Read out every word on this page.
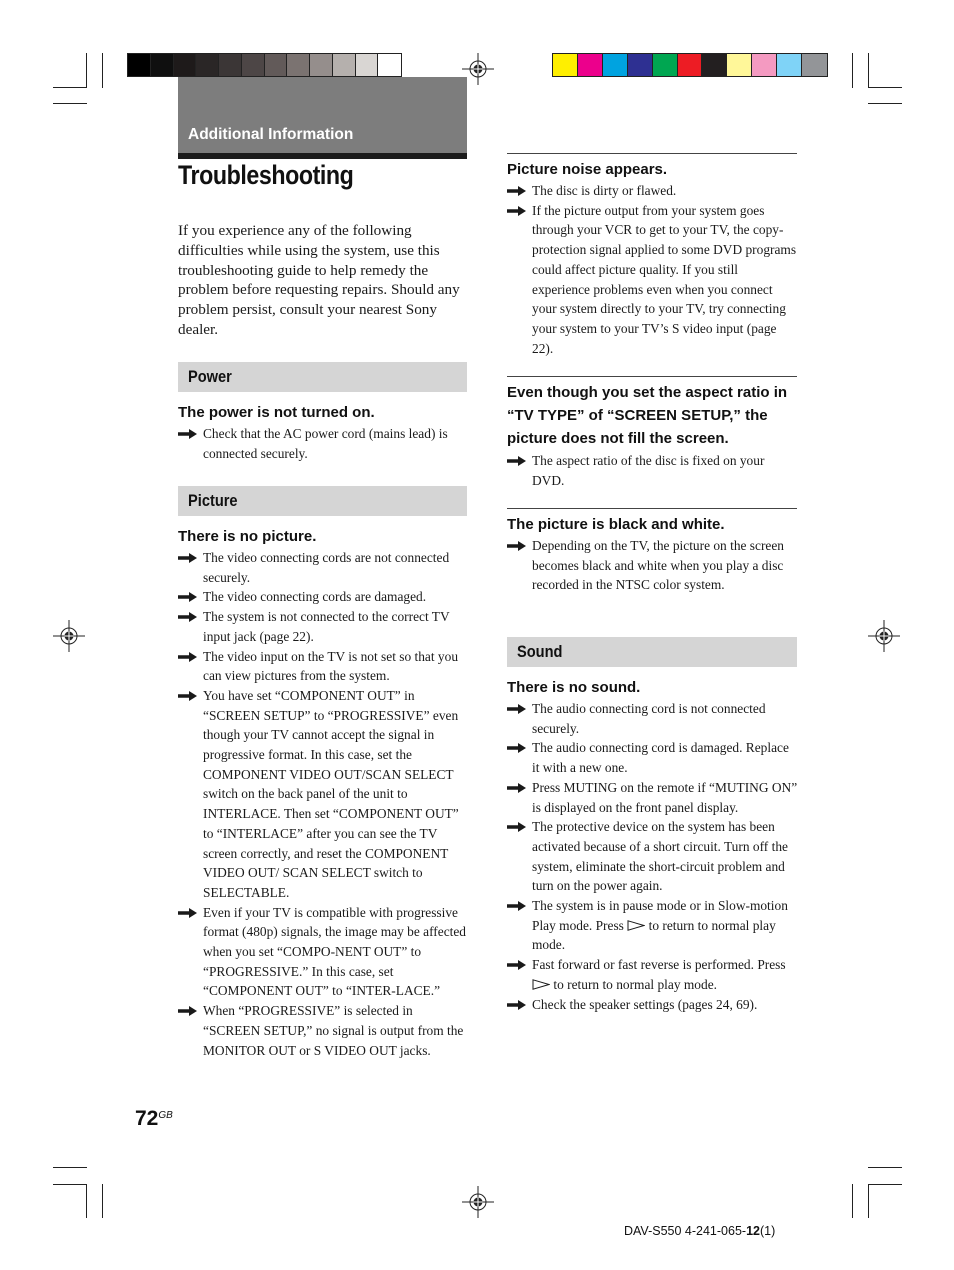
Additional Information
Troubleshooting
If you experience any of the following difficulties while using the system, use this troubleshooting guide to help remedy the problem before requesting repairs. Should any problem persist, consult your nearest Sony dealer.
Power
The power is not turned on.
Check that the AC power cord (mains lead) is connected securely.
Picture
There is no picture.
The video connecting cords are not connected securely.
The video connecting cords are damaged.
The system is not connected to the correct TV input jack (page 22).
The video input on the TV is not set so that you can view pictures from the system.
You have set “COMPONENT OUT” in “SCREEN SETUP” to “PROGRESSIVE” even though your TV cannot accept the signal in progressive format. In this case, set the COMPONENT VIDEO OUT/SCAN SELECT switch on the back panel of the unit to INTERLACE. Then set “COMPONENT OUT” to “INTERLACE” after you can see the TV screen correctly, and reset the COMPONENT VIDEO OUT/ SCAN SELECT switch to SELECTABLE.
Even if your TV is compatible with progressive format (480p) signals, the image may be affected when you set “COMPO-NENT OUT” to “PROGRESSIVE.” In this case, set “COMPONENT OUT” to “INTER-LACE.”
When “PROGRESSIVE” is selected in “SCREEN SETUP,” no signal is output from the MONITOR OUT or S VIDEO OUT jacks.
Picture noise appears.
The disc is dirty or flawed.
If the picture output from your system goes through your VCR to get to your TV, the copy-protection signal applied to some DVD programs could affect picture quality. If you still experience problems even when you connect your system directly to your TV, try connecting your system to your TV’s S video input (page 22).
Even though you set the aspect ratio in “TV TYPE” of “SCREEN SETUP,” the picture does not fill the screen.
The aspect ratio of the disc is fixed on your DVD.
The picture is black and white.
Depending on the TV, the picture on the screen becomes black and white when you play a disc recorded in the NTSC color system.
Sound
There is no sound.
The audio connecting cord is not connected securely.
The audio connecting cord is damaged. Replace it with a new one.
Press MUTING on the remote if “MUTING ON” is displayed on the front panel display.
The protective device on the system has been activated because of a short circuit. Turn off the system, eliminate the short-circuit problem and turn on the power again.
The system is in pause mode or in Slow-motion Play mode. Press to return to normal play mode.
Fast forward or fast reverse is performed. Press  to return to normal play mode.
Check the speaker settings (pages 24, 69).
$72^{GB}$
DAV-S550 4-241-065-12(1)
